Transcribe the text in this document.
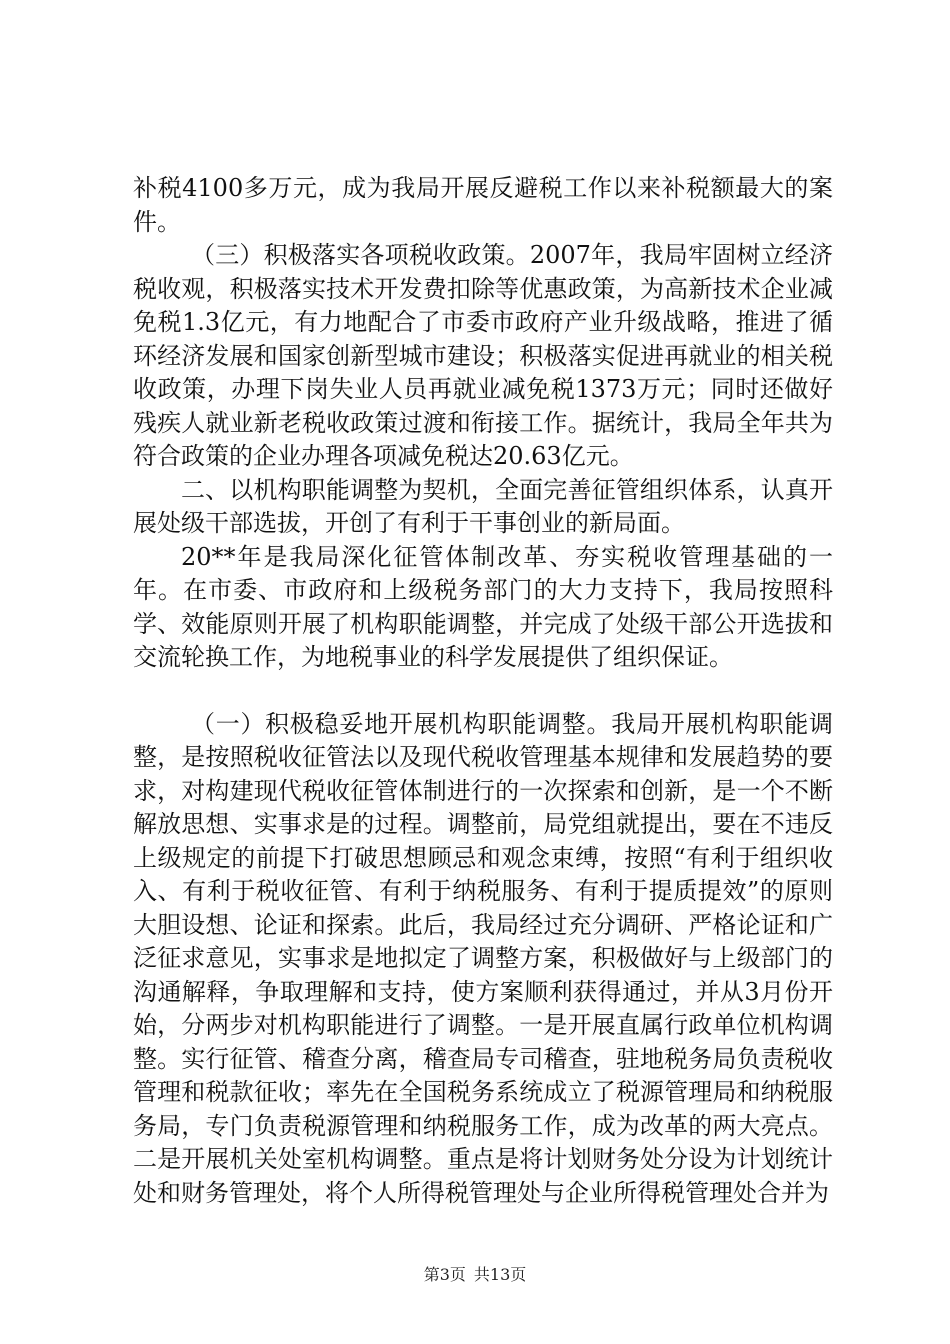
补税4100多万元，成为我局开展反避税工作以来补税额最大的案件。

（三）积极落实各项税收政策。2007年，我局牢固树立经济税收观，积极落实技术开发费扣除等优惠政策，为高新技术企业减免税1.3亿元，有力地配合了市委市政府产业升级战略，推进了循环经济发展和国家创新型城市建设；积极落实促进再就业的相关税收政策，办理下岗失业人员再就业减免税1373万元；同时还做好残疾人就业新老税收政策过渡和衔接工作。据统计，我局全年共为符合政策的企业办理各项减免税达20.63亿元。

二、以机构职能调整为契机，全面完善征管组织体系，认真开展处级干部选拔，开创了有利于干事创业的新局面。

20**年是我局深化征管体制改革、夯实税收管理基础的一年。在市委、市政府和上级税务部门的大力支持下，我局按照科学、效能原则开展了机构职能调整，并完成了处级干部公开选拔和交流轮换工作，为地税事业的科学发展提供了组织保证。

（一）积极稳妥地开展机构职能调整。我局开展机构职能调整，是按照税收征管法以及现代税收管理基本规律和发展趋势的要求，对构建现代税收征管体制进行的一次探索和创新，是一个不断解放思想、实事求是的过程。调整前，局党组就提出，要在不违反上级规定的前提下打破思想顾忌和观念束缚，按照“有利于组织收入、有利于税收征管、有利于纳税服务、有利于提质提效”的原则大胆设想、论证和探索。此后，我局经过充分调研、严格论证和广泛征求意见，实事求是地拟定了调整方案，积极做好与上级部门的沟通解释，争取理解和支持，使方案顺利获得通过，并从3月份开始，分两步对机构职能进行了调整。一是开展直属行政单位机构调整。实行征管、稽查分离，稽查局专司稽查，驻地税务局负责税收管理和税款征收；率先在全国税务系统成立了税源管理局和纳税服务局，专门负责税源管理和纳税服务工作，成为改革的两大亮点。二是开展机关处室机构调整。重点是将计划财务处分设为计划统计处和财务管理处，将个人所得税管理处与企业所得税管理处合并为

第3页 共13页
